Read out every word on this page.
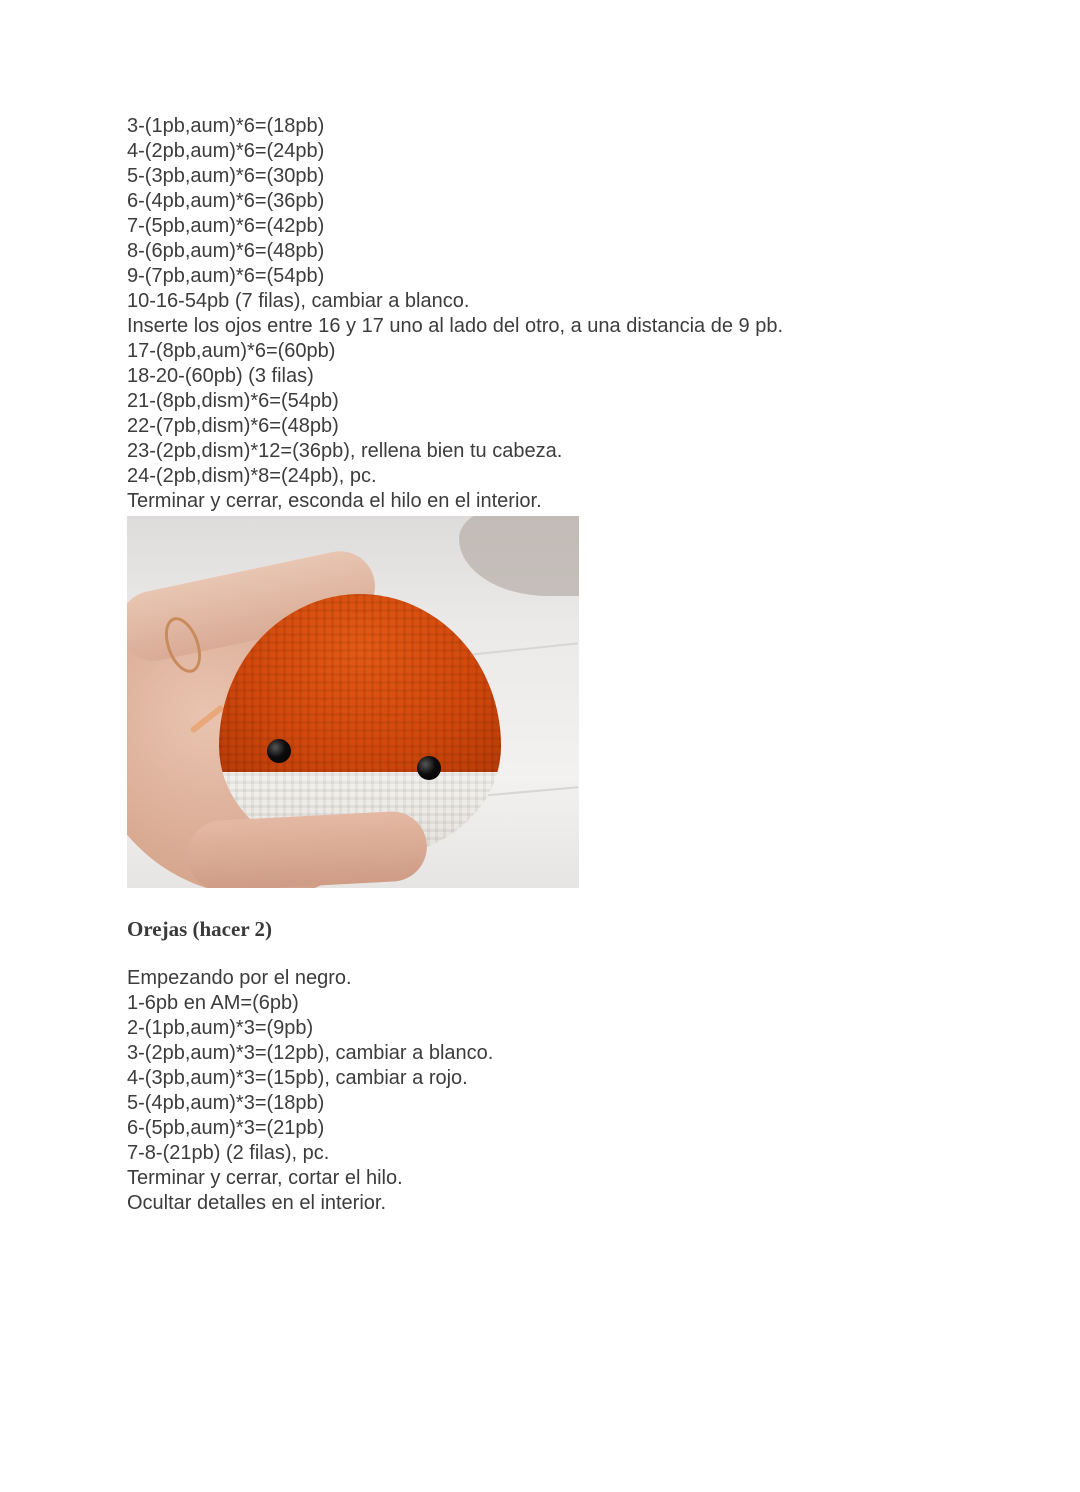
3-(1pb,aum)*6=(18pb)
4-(2pb,aum)*6=(24pb)
5-(3pb,aum)*6=(30pb)
6-(4pb,aum)*6=(36pb)
7-(5pb,aum)*6=(42pb)
8-(6pb,aum)*6=(48pb)
9-(7pb,aum)*6=(54pb)
10-16-54pb (7 filas), cambiar a blanco.
Inserte los ojos entre 16 y 17 uno al lado del otro, a una distancia de 9 pb.
17-(8pb,aum)*6=(60pb)
18-20-(60pb) (3 filas)
21-(8pb,dism)*6=(54pb)
22-(7pb,dism)*6=(48pb)
23-(2pb,dism)*12=(36pb), rellena bien tu cabeza.
24-(2pb,dism)*8=(24pb), pc.
Terminar y cerrar, esconda el hilo en el interior.
Orejas (hacer 2)
Empezando por el negro.
1-6pb en AM=(6pb)
2-(1pb,aum)*3=(9pb)
3-(2pb,aum)*3=(12pb), cambiar a blanco.
4-(3pb,aum)*3=(15pb), cambiar a rojo.
5-(4pb,aum)*3=(18pb)
6-(5pb,aum)*3=(21pb)
7-8-(21pb) (2 filas), pc.
Terminar y cerrar, cortar el hilo.
Ocultar detalles en el interior.
